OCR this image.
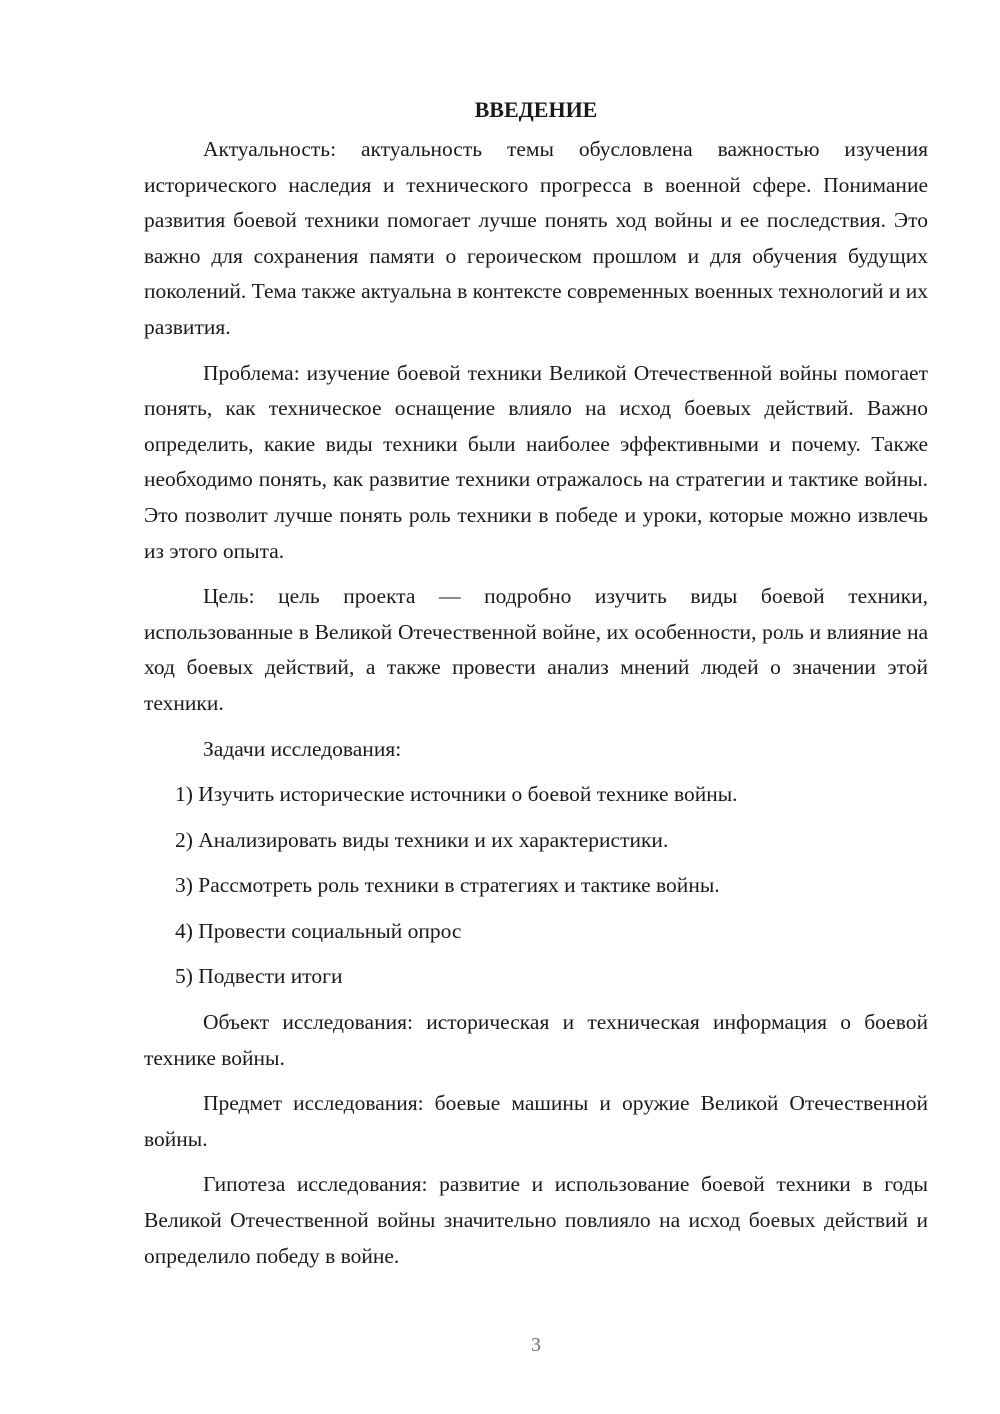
ВВЕДЕНИЕ

Актуальность: актуальность темы обусловлена важностью изучения исторического наследия и технического прогресса в военной сфере. Понимание развития боевой техники помогает лучше понять ход войны и ее последствия. Это важно для сохранения памяти о героическом прошлом и для обучения будущих поколений. Тема также актуальна в контексте современных военных технологий и их развития.

Проблема: изучение боевой техники Великой Отечественной войны помогает понять, как техническое оснащение влияло на исход боевых действий. Важно определить, какие виды техники были наиболее эффективными и почему. Также необходимо понять, как развитие техники отражалось на стратегии и тактике войны. Это позволит лучше понять роль техники в победе и уроки, которые можно извлечь из этого опыта.

Цель: цель проекта — подробно изучить виды боевой техники, использованные в Великой Отечественной войне, их особенности, роль и влияние на ход боевых действий, а также провести анализ мнений людей о значении этой техники.

Задачи исследования:

1) Изучить исторические источники о боевой технике войны.
2) Анализировать виды техники и их характеристики.
3) Рассмотреть роль техники в стратегиях и тактике войны.
4) Провести социальный опрос
5) Подвести итоги

Объект исследования: историческая и техническая информация о боевой технике войны.

Предмет исследования: боевые машины и оружие Великой Отечественной войны.

Гипотеза исследования: развитие и использование боевой техники в годы Великой Отечественной войны значительно повлияло на исход боевых действий и определило победу в войне.

3
